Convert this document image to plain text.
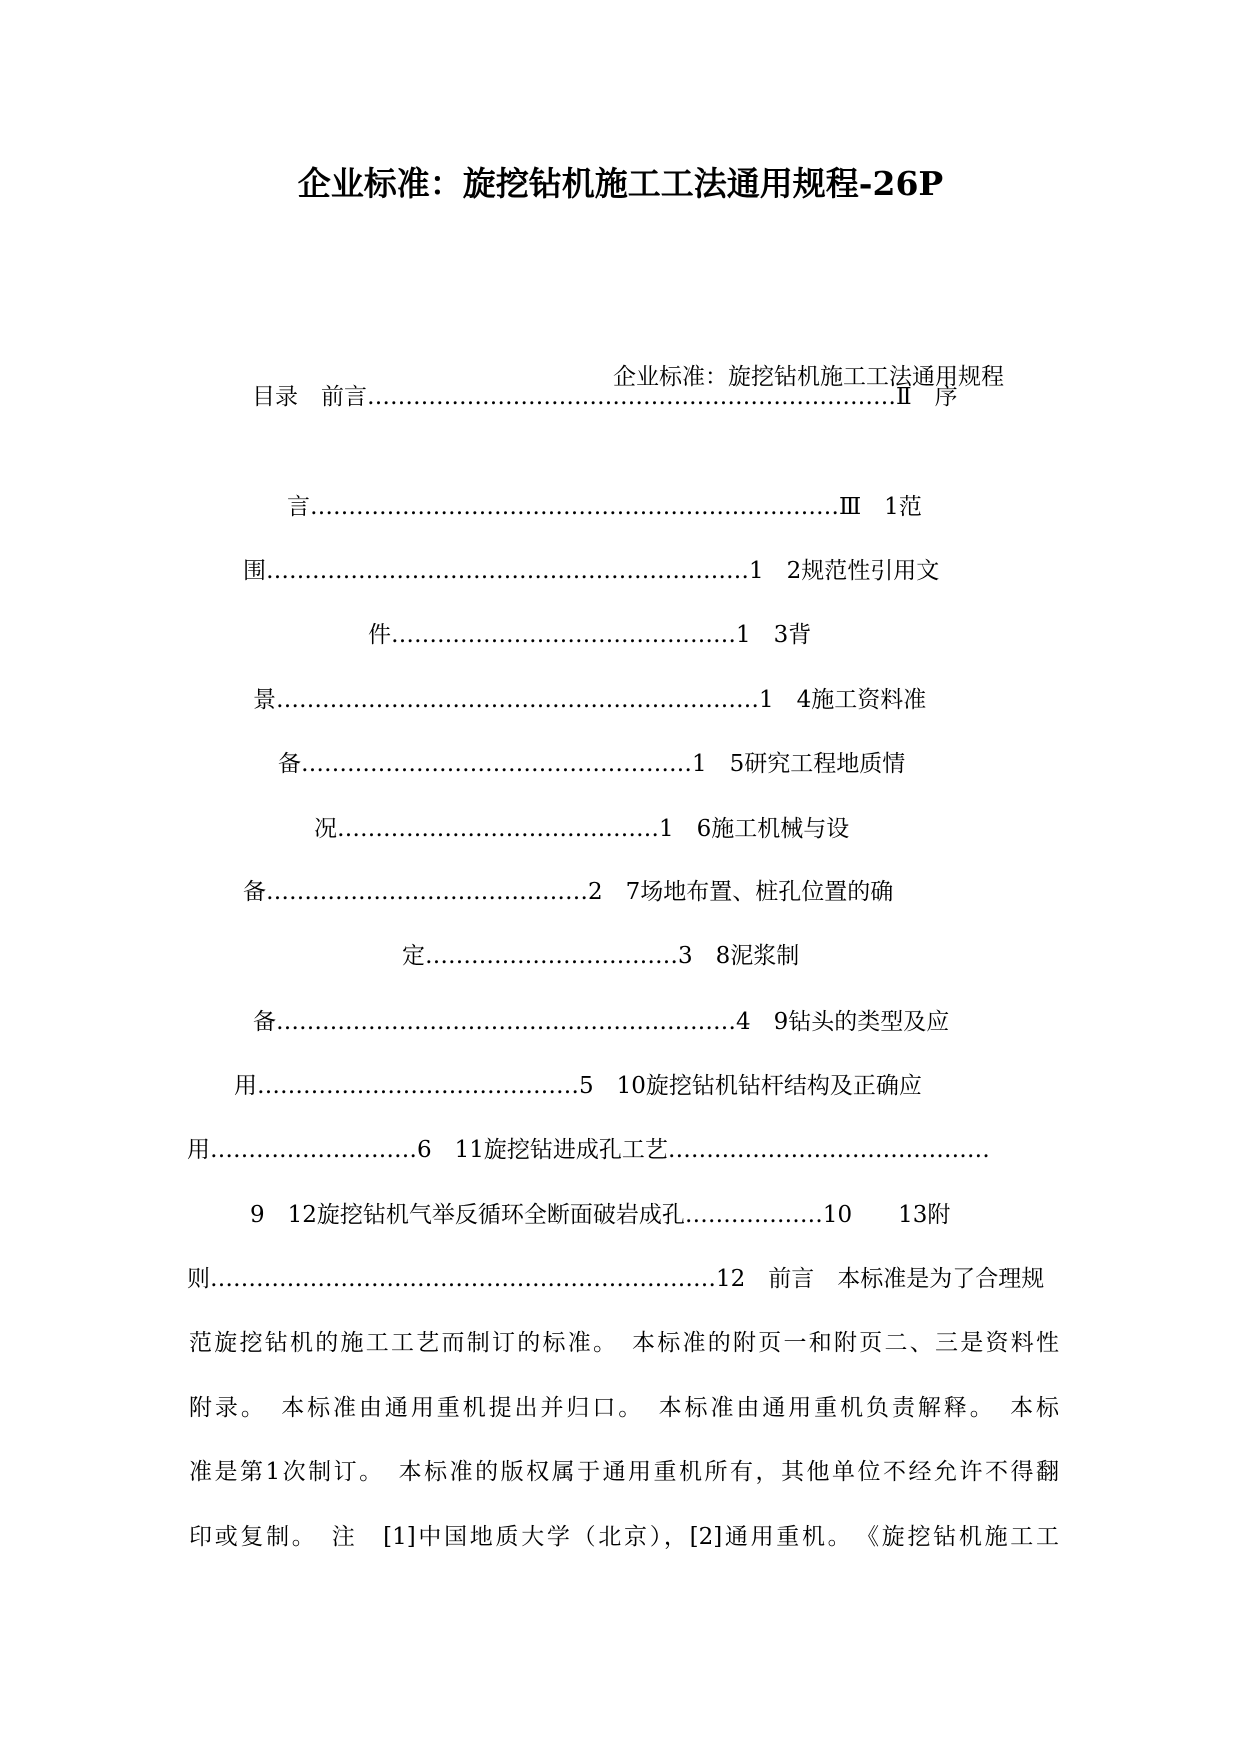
企业标准：旋挖钻机施工工法通用规程-26P
企业标准：旋挖钻机施工工法通用规程
目录　前言……………………………………………………………Ⅱ　序
言……………………………………………………………Ⅲ　1范
围………………………………………………………1　2规范性引用文
件………………………………………1　3背
景………………………………………………………1　4施工资料准
备……………………………………………1　5研究工程地质情
况……………………………………1　6施工机械与设
备……………………………………2　7场地布置、桩孔位置的确
定……………………………3　8泥浆制
备……………………………………………………4　9钻头的类型及应
用……………………………………5　10旋挖钻机钻杆结构及正确应
用………………………6　11旋挖钻进成孔工艺……………………………………
9　12旋挖钻机气举反循环全断面破岩成孔………………10　　13附
则…………………………………………………………12　前言　本标准是为了合理规
范旋挖钻机的施工工艺而制订的标准。　本标准的附页一和附页二、三是资料性
附录。　本标准由通用重机提出并归口。　本标准由通用重机负责解释。　本标
准是第1次制订。　本标准的版权属于通用重机所有，其他单位不经允许不得翻
印或复制。　注　[1]中国地质大学（北京），[2]通用重机。　《旋挖钻机施工工
